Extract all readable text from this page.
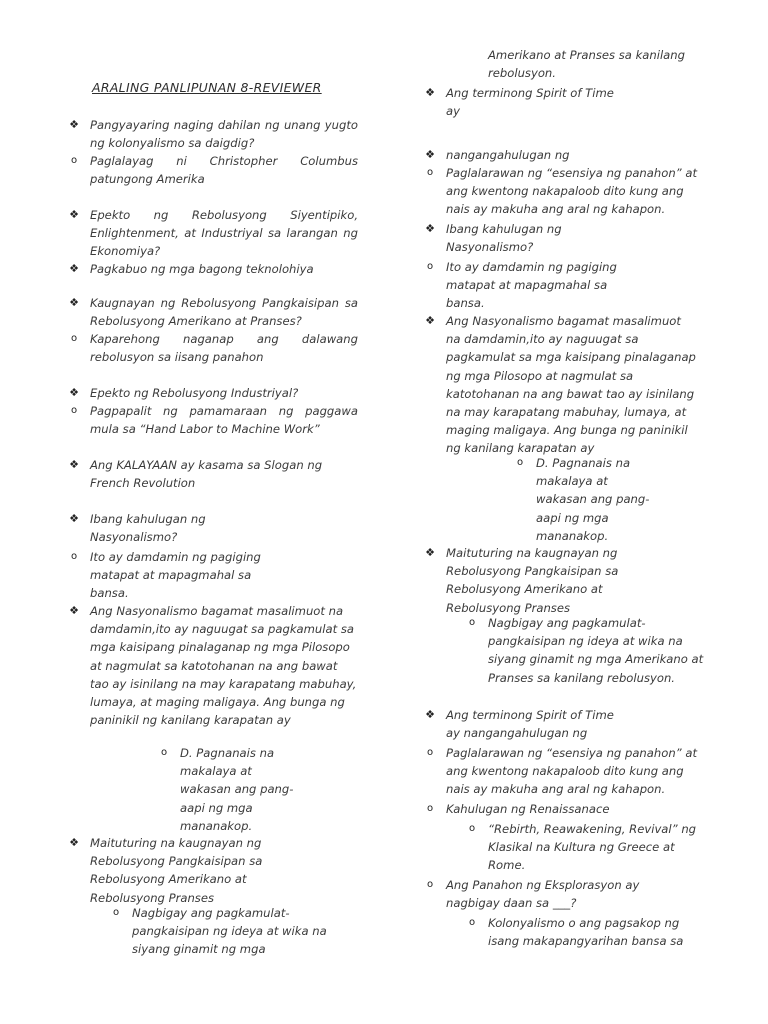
ARALING PANLIPUNAN 8-REVIEWER
❖ Pangyayaring naging dahilan ng unang yugto ng kolonyalismo sa daigdig?
o	Paglalayag ni Christopher Columbus patungong Amerika
❖ Epekto ng Rebolusyong Siyentipiko, Enlightenment, at Industriyal sa larangan ng Ekonomiya?
❖ Pagkabuo ng mga bagong teknolohiya
❖ Kaugnayan ng Rebolusyong Pangkaisipan sa Rebolusyong Amerikano at Pranses?
o	Kaparehong naganap ang dalawang rebolusyon sa iisang panahon
❖ Epekto ng Rebolusyong Industriyal?
o	Pagpapalit ng pamamaraan ng paggawa mula sa “Hand Labor to Machine Work”
❖ Ang KALAYAAN ay kasama sa Slogan ng French Revolution
❖ Ibang kahulugan ng
Nasyonalismo?
o	Ito ay damdamin ng pagiging matapat at mapagmahal sa bansa.
❖ Ang Nasyonalismo bagamat masalimuot na damdamin,ito ay naguugat sa pagkamulat sa mga kaisipang pinalaganap ng mga Pilosopo at nagmulat sa katotohanan na ang bawat tao ay isinilang na may karapatang mabuhay, lumaya, at maging maligaya. Ang bunga ng paninikil ng kanilang karapatan ay
o	D. Pagnanais na makalaya at wakasan ang pang-aapi ng mga mananakop.
❖ Maituturing na kaugnayan ng Rebolusyong Pangkaisipan sa Rebolusyong Amerikano at Rebolusyong Pranses
o	Nagbigay ang pagkamulat-pangkaisipan ng ideya at wika na siyang ginamit ng mga
Amerikano at Pranses sa kanilang rebolusyon.
❖ Ang terminong Spirit of Time
ay
❖ nangangahulugan ng
o	Paglalarawan ng “esensiya ng panahon” at ang kwentong nakapaloob dito kung ang nais ay makuha ang aral ng kahapon.
❖ Ibang kahulugan ng
Nasyonalismo?
o	Ito ay damdamin ng pagiging matapat at mapagmahal sa bansa.
❖ Ang Nasyonalismo bagamat masalimuot na damdamin,ito ay naguugat sa pagkamulat sa mga kaisipang pinalaganap ng mga Pilosopo at nagmulat sa katotohanan na ang bawat tao ay isinilang na may karapatang mabuhay, lumaya, at maging maligaya. Ang bunga ng paninikil ng kanilang karapatan ay
o	D. Pagnanais na makalaya at wakasan ang pang-aapi ng mga mananakop.
❖ Maituturing na kaugnayan ng Rebolusyong Pangkaisipan sa Rebolusyong Amerikano at Rebolusyong Pranses
o	Nagbigay ang pagkamulat-pangkaisipan ng ideya at wika na siyang ginamit ng mga Amerikano at Pranses sa kanilang rebolusyon.
❖ Ang terminong Spirit of Time
ay nangangahulugan ng
o	Paglalarawan ng “esensiya ng panahon” at ang kwentong nakapaloob dito kung ang nais ay makuha ang aral ng kahapon.
o	Kahulugan ng Renaissanace
o	“Rebirth, Reawakening, Revival” ng Klasikal na Kultura ng Greece at Rome.
o	Ang Panahon ng Eksplorasyon ay nagbigay daan sa ___?
o	Kolonyalismo o ang pagsakop ng isang makapangyarihan bansa sa
